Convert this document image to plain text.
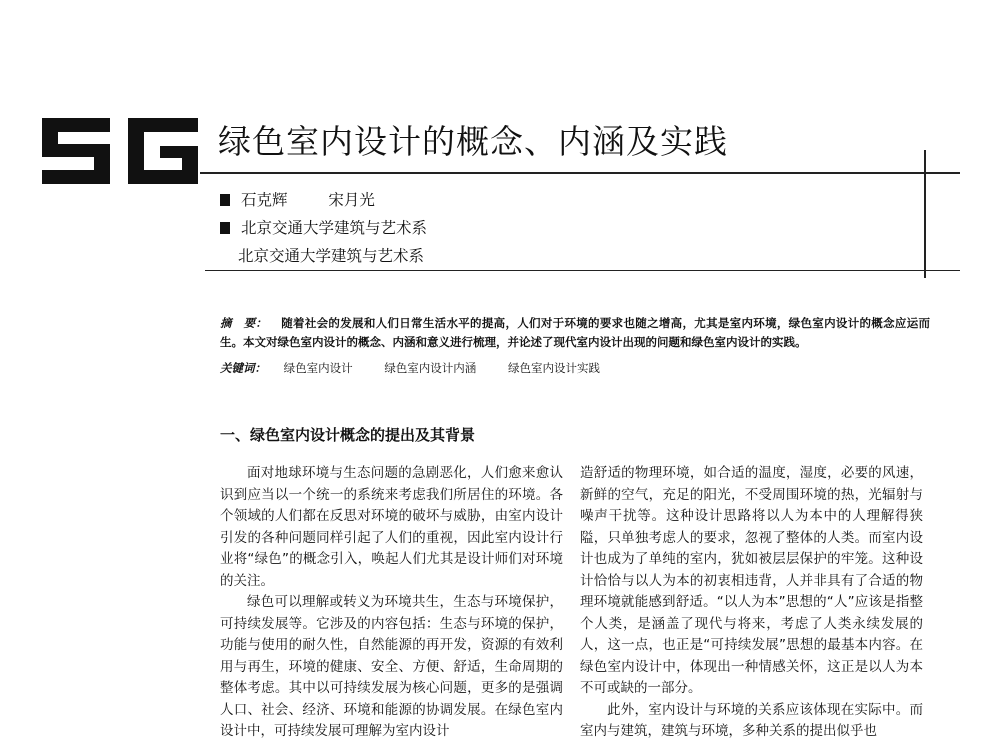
绿色室内设计的概念、内涵及实践
石克辉	宋月光
北京交通大学建筑与艺术系
北京交通大学建筑与艺术系
摘　要： 随着社会的发展和人们日常生活水平的提高，人们对于环境的要求也随之增高，尤其是室内环境，绿色室内设计的概念应运而生。本文对绿色室内设计的概念、内涵和意义进行梳理，并论述了现代室内设计出现的问题和绿色室内设计的实践。
关键词： 绿色室内设计	绿色室内设计内涵	绿色室内设计实践
一、绿色室内设计概念的提出及其背景

面对地球环境与生态问题的急剧恶化，人们愈来愈认识到应当以一个统一的系统来考虑我们所居住的环境。各个领域的人们都在反思对环境的破坏与威胁，由室内设计引发的各种问题同样引起了人们的重视，因此室内设计行业将“绿色”的概念引入，唤起人们尤其是设计师们对环境的关注。

绿色可以理解或转义为环境共生，生态与环境保护，可持续发展等。它涉及的内容包括：生态与环境的保护，功能与使用的耐久性，自然能源的再开发，资源的有效利用与再生，环境的健康、安全、方便、舒适，生命周期的整体考虑。其中以可持续发展为核心问题，更多的是强调人口、社会、经济、环境和能源的协调发展。在绿色室内设计中，可持续发展可理解为室内设计

造舒适的物理环境，如合适的温度，湿度，必要的风速，新鲜的空气，充足的阳光，不受周围环境的热，光辐射与噪声干扰等。这种设计思路将以人为本中的人理解得狭隘，只单独考虑人的要求，忽视了整体的人类。而室内设计也成为了单纯的室内，犹如被层层保护的牢笼。这种设计恰恰与以人为本的初衷相违背，人并非具有了合适的物理环境就能感到舒适。“以人为本”思想的“人”应该是指整个人类，是涵盖了现代与将来，考虑了人类永续发展的人，这一点，也正是“可持续发展”思想的最基本内容。在绿色室内设计中，体现出一种情感关怀，这正是以人为本不可或缺的一部分。

此外，室内设计与环境的关系应该体现在实际中。而室内与建筑，建筑与环境，多种关系的提出似乎也
